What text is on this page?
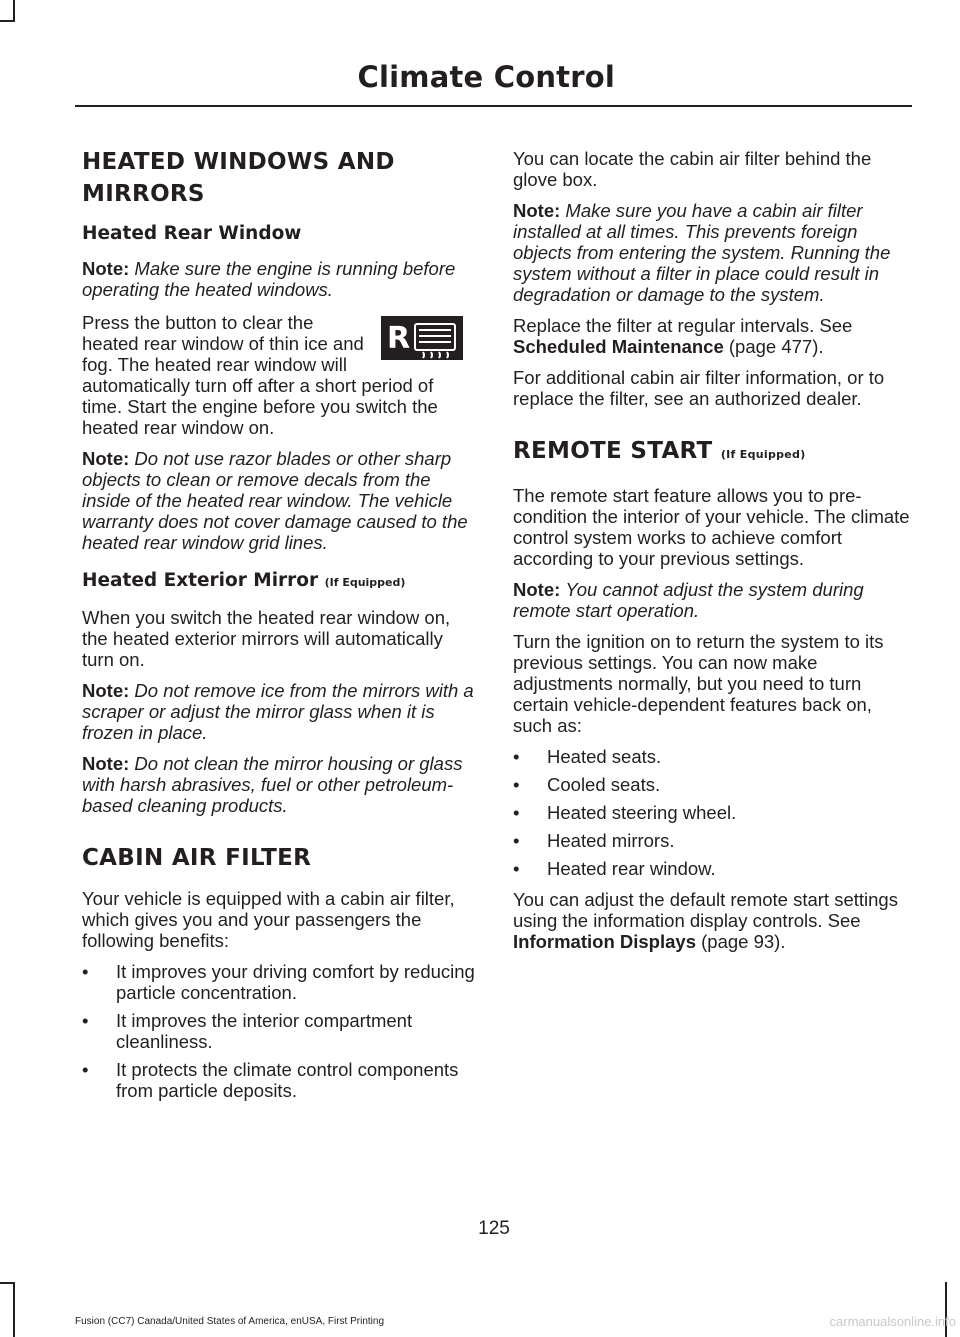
Climate Control
HEATED WINDOWS AND MIRRORS
Heated Rear Window

Note: Make sure the engine is running before operating the heated windows.

R
Press the button to clear the heated rear window of thin ice and fog. The heated rear window will automatically turn off after a short period of time. Start the engine before you switch the heated rear window on.

Note: Do not use razor blades or other sharp objects to clean or remove decals from the inside of the heated rear window. The vehicle warranty does not cover damage caused to the heated rear window grid lines.

Heated Exterior Mirror (If Equipped)

When you switch the heated rear window on, the heated exterior mirrors will automatically turn on.

Note: Do not remove ice from the mirrors with a scraper or adjust the mirror glass when it is frozen in place.

Note: Do not clean the mirror housing or glass with harsh abrasives, fuel or other petroleum-based cleaning products.

CABIN AIR FILTER

Your vehicle is equipped with a cabin air filter, which gives you and your passengers the following benefits:

• It improves your driving comfort by reducing particle concentration.
• It improves the interior compartment cleanliness.
• It protects the climate control components from particle deposits.

You can locate the cabin air filter behind the glove box.

Note: Make sure you have a cabin air filter installed at all times. This prevents foreign objects from entering the system. Running the system without a filter in place could result in degradation or damage to the system.

Replace the filter at regular intervals. See Scheduled Maintenance (page 477).

For additional cabin air filter information, or to replace the filter, see an authorized dealer.

REMOTE START (If Equipped)

The remote start feature allows you to pre-condition the interior of your vehicle. The climate control system works to achieve comfort according to your previous settings.

Note: You cannot adjust the system during remote start operation.

Turn the ignition on to return the system to its previous settings. You can now make adjustments normally, but you need to turn certain vehicle-dependent features back on, such as:

• Heated seats.
• Cooled seats.
• Heated steering wheel.
• Heated mirrors.
• Heated rear window.

You can adjust the default remote start settings using the information display controls. See Information Displays (page 93).

125
Fusion (CC7) Canada/United States of America, enUSA, First Printing	carmanualsonline.info
